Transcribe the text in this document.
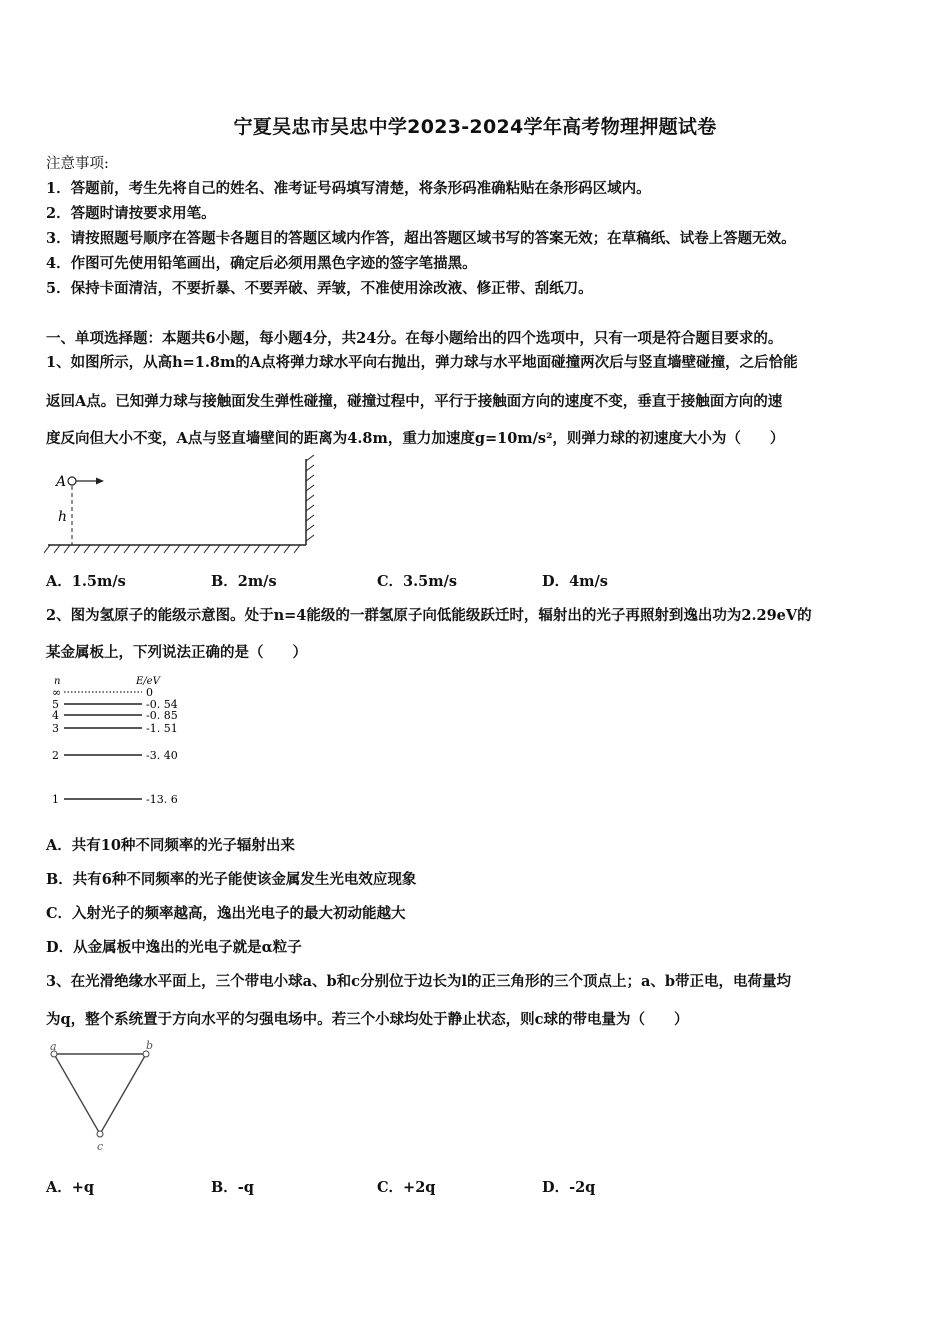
宁夏吴忠市吴忠中学2023-2024学年高考物理押题试卷
注意事项:
1．答题前，考生先将自己的姓名、准考证号码填写清楚，将条形码准确粘贴在条形码区域内。
2．答题时请按要求用笔。
3．请按照题号顺序在答题卡各题目的答题区域内作答，超出答题区域书写的答案无效；在草稿纸、试卷上答题无效。
4．作图可先使用铅笔画出，确定后必须用黑色字迹的签字笔描黑。
5．保持卡面清洁，不要折暴、不要弄破、弄皱，不准使用涂改液、修正带、刮纸刀。
一、单项选择题：本题共6小题，每小题4分，共24分。在每小题给出的四个选项中，只有一项是符合题目要求的。
1、如图所示，从高h=1.8m的A点将弹力球水平向右抛出，弹力球与水平地面碰撞两次后与竖直墙壁碰撞，之后恰能
返回A点。已知弹力球与接触面发生弹性碰撞，碰撞过程中，平行于接触面方向的速度不变，垂直于接触面方向的速
度反向但大小不变，A点与竖直墙壁间的距离为4.8m，重力加速度g=10m/s²，则弹力球的初速度大小为（　　）
A
h
A．1.5m/s	B．2m/s	C．3.5m/s	D．4m/s
2、图为氢原子的能级示意图。处于n=4能级的一群氢原子向低能级跃迁时，辐射出的光子再照射到逸出功为2.29eV的
某金属板上，下列说法正确的是（　　）
n	E/eV
∞
5
4
3
2
1
0
-0. 54
-0. 85
-1. 51
-3. 40
-13. 6
A．共有10种不同频率的光子辐射出来
B．共有6种不同频率的光子能使该金属发生光电效应现象
C．入射光子的频率越高，逸出光电子的最大初动能越大
D．从金属板中逸出的光电子就是α粒子
3、在光滑绝缘水平面上，三个带电小球a、b和c分别位于边长为l的正三角形的三个顶点上；a、b带正电，电荷量均
为q，整个系统置于方向水平的匀强电场中。若三个小球均处于静止状态，则c球的带电量为（　　）
a	b
c
A．+q	B．-q	C．+2q	D．-2q
